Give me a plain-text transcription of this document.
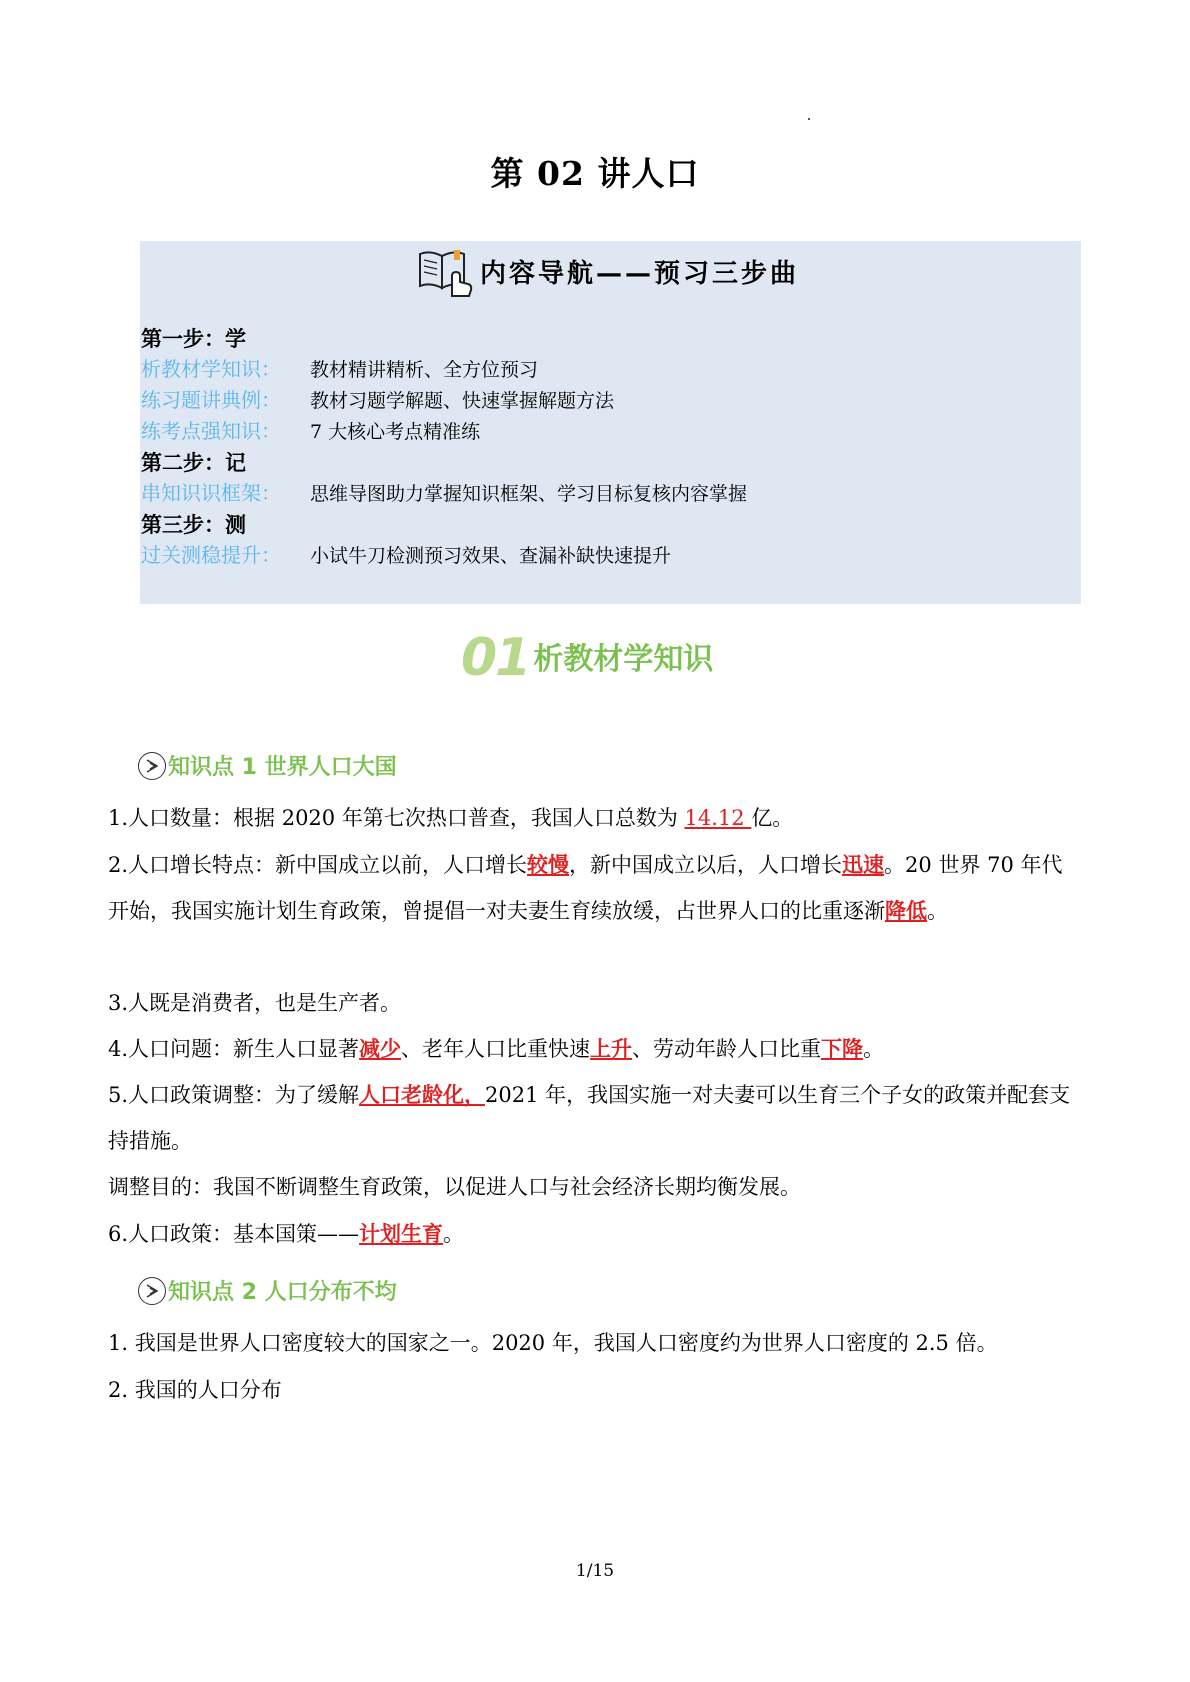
第 02 讲人口
内容导航——预习三步曲
第一步：学
析教材学知识： 教材精讲精析、全方位预习
练习题讲典例： 教材习题学解题、快速掌握解题方法
练考点强知识： 7 大核心考点精准练
第二步：记
串知识识框架： 思维导图助力掌握知识框架、学习目标复核内容掌握
第三步：测
过关测稳提升： 小试牛刀检测预习效果、查漏补缺快速提升
01 析教材学知识
知识点 1 世界人口大国
1.人口数量：根据 2020 年第七次热口普查，我国人口总数为 14.12 亿。
2.人口增长特点：新中国成立以前，人口增长较慢，新中国成立以后，人口增长迅速。20 世界 70 年代开始，我国实施计划生育政策，曾提倡一对夫妻生育续放缓，占世界人口的比重逐渐降低。
3.人既是消费者，也是生产者。
4.人口问题：新生人口显著减少、老年人口比重快速上升、劳动年龄人口比重下降。
5.人口政策调整：为了缓解人口老龄化，2021 年，我国实施一对夫妻可以生育三个子女的政策并配套支持措施。
调整目的：我国不断调整生育政策，以促进人口与社会经济长期均衡发展。
6.人口政策：基本国策——计划生育。
知识点 2 人口分布不均
1. 我国是世界人口密度较大的国家之一。2020 年，我国人口密度约为世界人口密度的 2.5 倍。
2. 我国的人口分布
1/15
